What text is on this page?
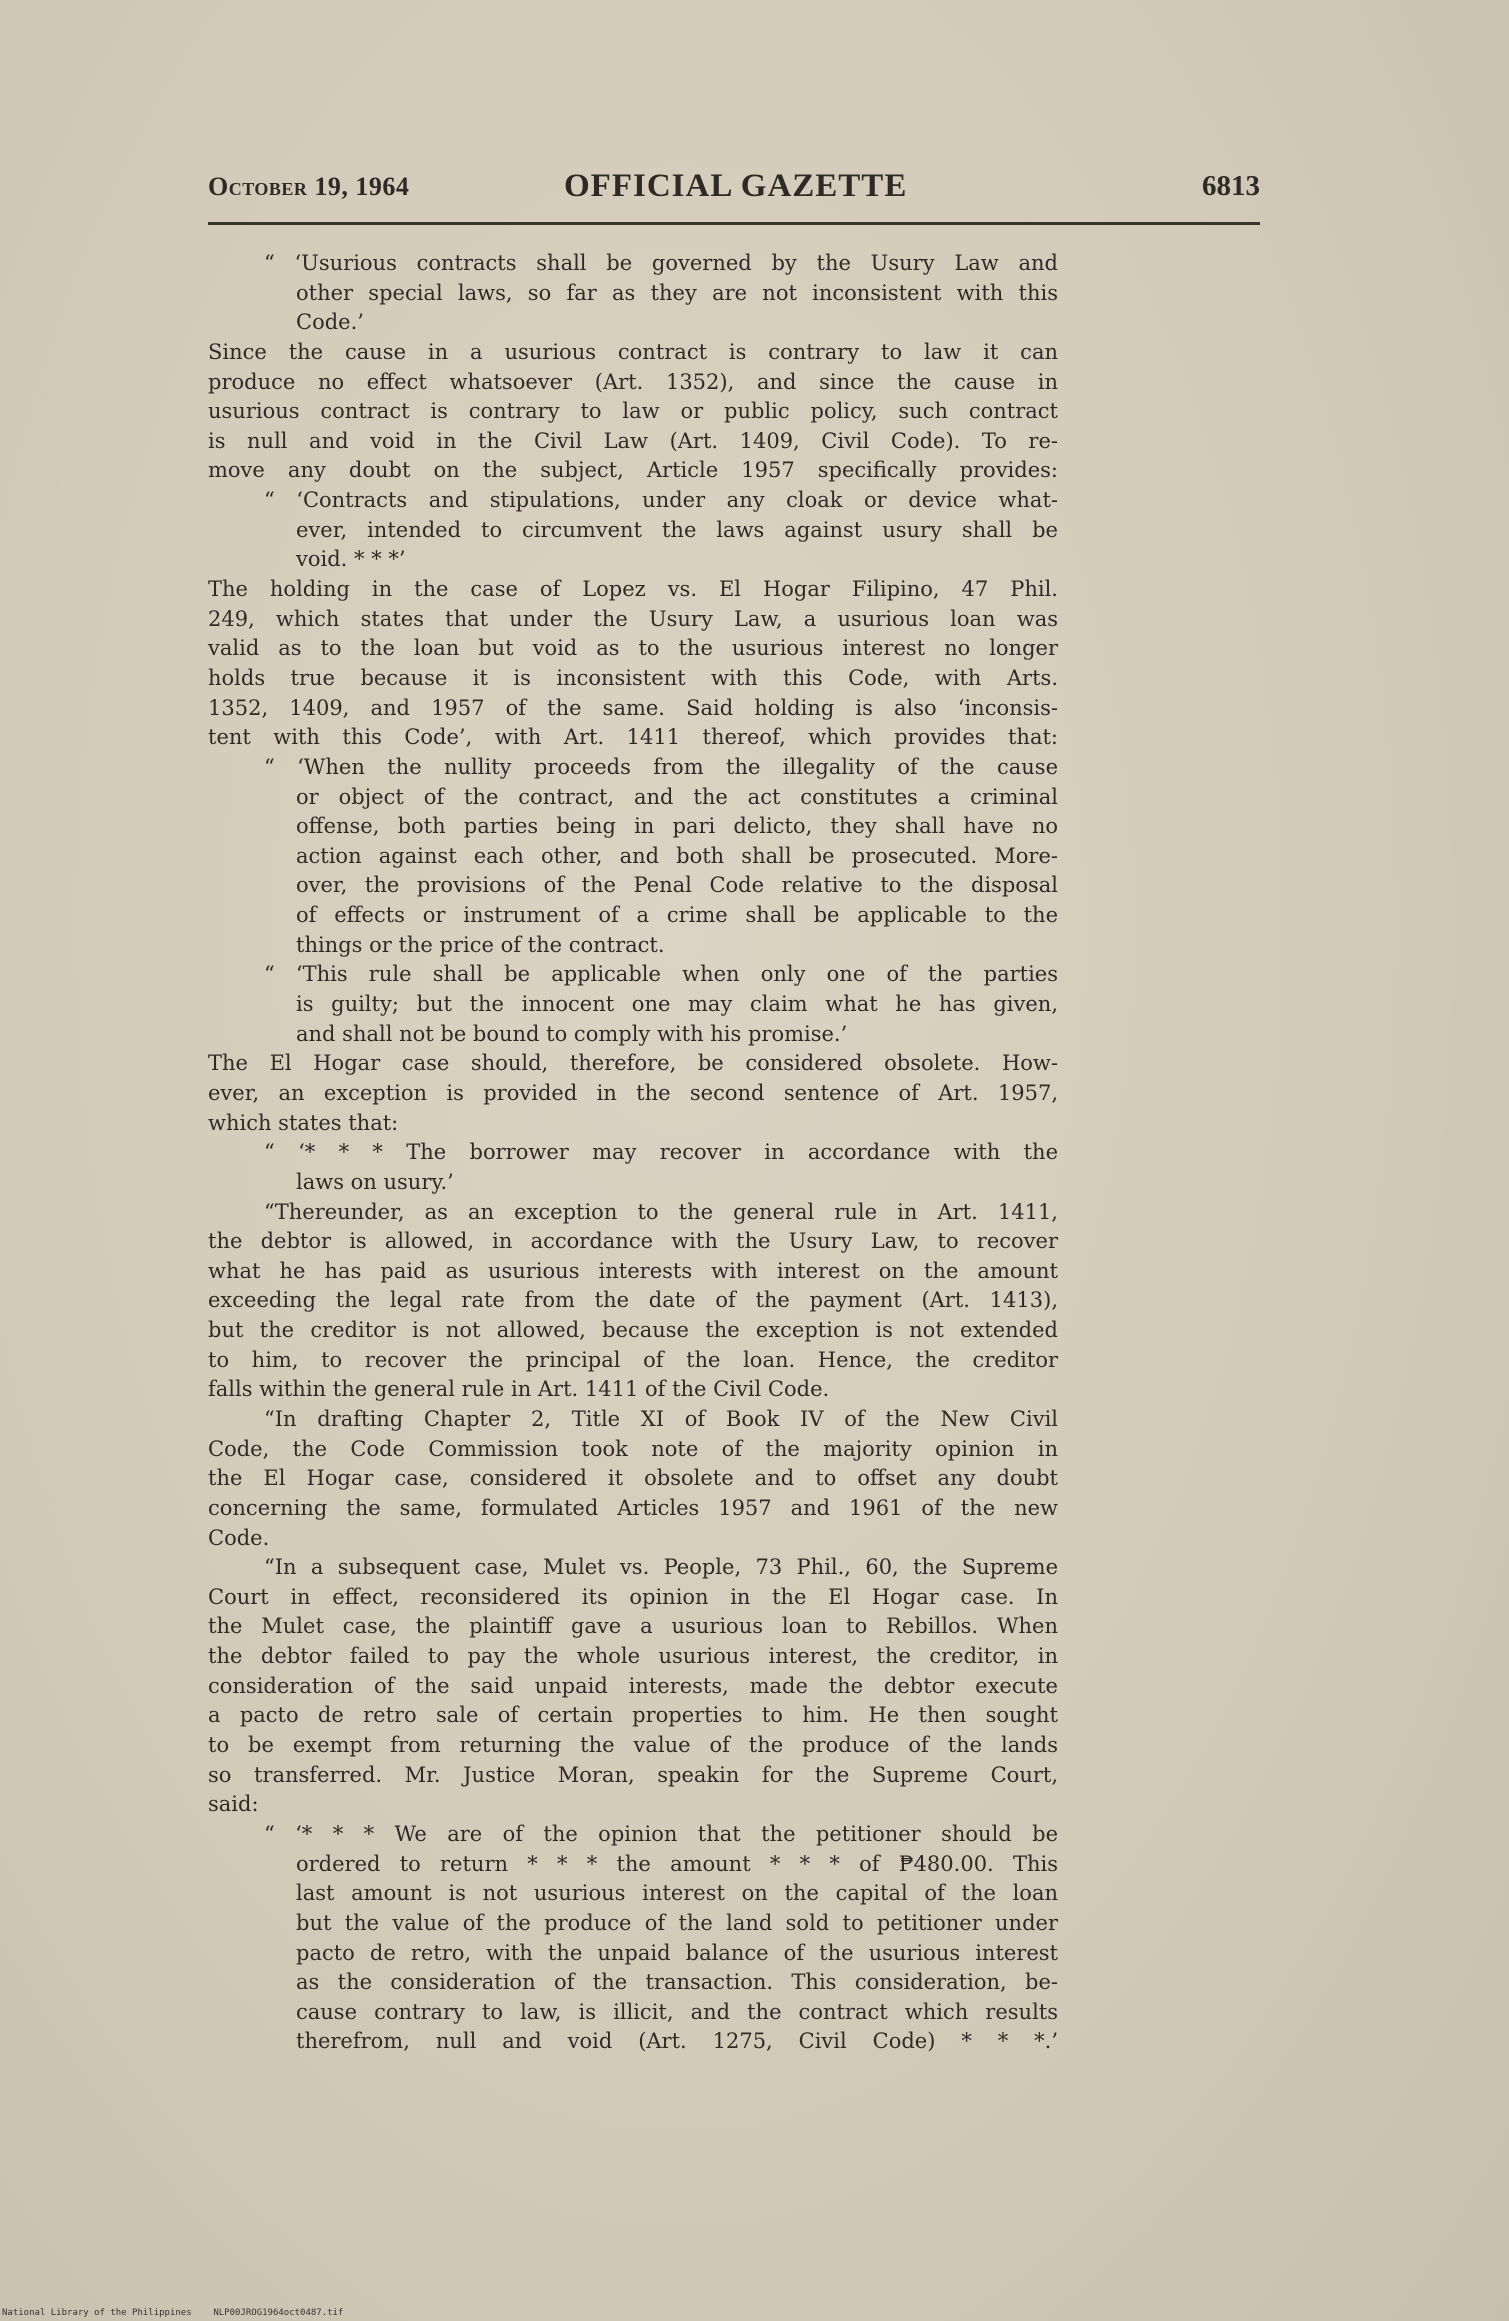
October 19, 1964	OFFICIAL GAZETTE	6813
“ ‘Usurious contracts shall be governed by the Usury Law and
other special laws, so far as they are not inconsistent with this
Code.’
Since the cause in a usurious contract is contrary to law it can
produce no effect whatsoever (Art. 1352), and since the cause in
usurious contract is contrary to law or public policy, such contract
is null and void in the Civil Law (Art. 1409, Civil Code). To re-
move any doubt on the subject, Article 1957 specifically provides:
“ ‘Contracts and stipulations, under any cloak or device what-
ever, intended to circumvent the laws against usury shall be
void. * * *’
The holding in the case of Lopez vs. El Hogar Filipino, 47 Phil.
249, which states that under the Usury Law, a usurious loan was
valid as to the loan but void as to the usurious interest no longer
holds true because it is inconsistent with this Code, with Arts.
1352, 1409, and 1957 of the same. Said holding is also ‘inconsis-
tent with this Code’, with Art. 1411 thereof, which provides that:
“ ‘When the nullity proceeds from the illegality of the cause
or object of the contract, and the act constitutes a criminal
offense, both parties being in pari delicto, they shall have no
action against each other, and both shall be prosecuted. More-
over, the provisions of the Penal Code relative to the disposal
of effects or instrument of a crime shall be applicable to the
things or the price of the contract.
“ ‘This rule shall be applicable when only one of the parties
is guilty; but the innocent one may claim what he has given,
and shall not be bound to comply with his promise.’
The El Hogar case should, therefore, be considered obsolete. How-
ever, an exception is provided in the second sentence of Art. 1957,
which states that:
“ ‘* * * The borrower may recover in accordance with the
laws on usury.’
“Thereunder, as an exception to the general rule in Art. 1411,
the debtor is allowed, in accordance with the Usury Law, to recover
what he has paid as usurious interests with interest on the amount
exceeding the legal rate from the date of the payment (Art. 1413),
but the creditor is not allowed, because the exception is not extended
to him, to recover the principal of the loan. Hence, the creditor
falls within the general rule in Art. 1411 of the Civil Code.
“In drafting Chapter 2, Title XI of Book IV of the New Civil
Code, the Code Commission took note of the majority opinion in
the El Hogar case, considered it obsolete and to offset any doubt
concerning the same, formulated Articles 1957 and 1961 of the new
Code.
“In a subsequent case, Mulet vs. People, 73 Phil., 60, the Supreme
Court in effect, reconsidered its opinion in the El Hogar case. In
the Mulet case, the plaintiff gave a usurious loan to Rebillos. When
the debtor failed to pay the whole usurious interest, the creditor, in
consideration of the said unpaid interests, made the debtor execute
a pacto de retro sale of certain properties to him. He then sought
to be exempt from returning the value of the produce of the lands
so transferred. Mr. Justice Moran, speakin for the Supreme Court,
said:
“ ‘* * * We are of the opinion that the petitioner should be
ordered to return * * * the amount * * * of ₱480.00. This
last amount is not usurious interest on the capital of the loan
but the value of the produce of the land sold to petitioner under
pacto de retro, with the unpaid balance of the usurious interest
as the consideration of the transaction. This consideration, be-
cause contrary to law, is illicit, and the contract which results
therefrom, null and void (Art. 1275, Civil Code) * * *.’
National Library of the Philippines NLP00JROG1964oct0487.tif
